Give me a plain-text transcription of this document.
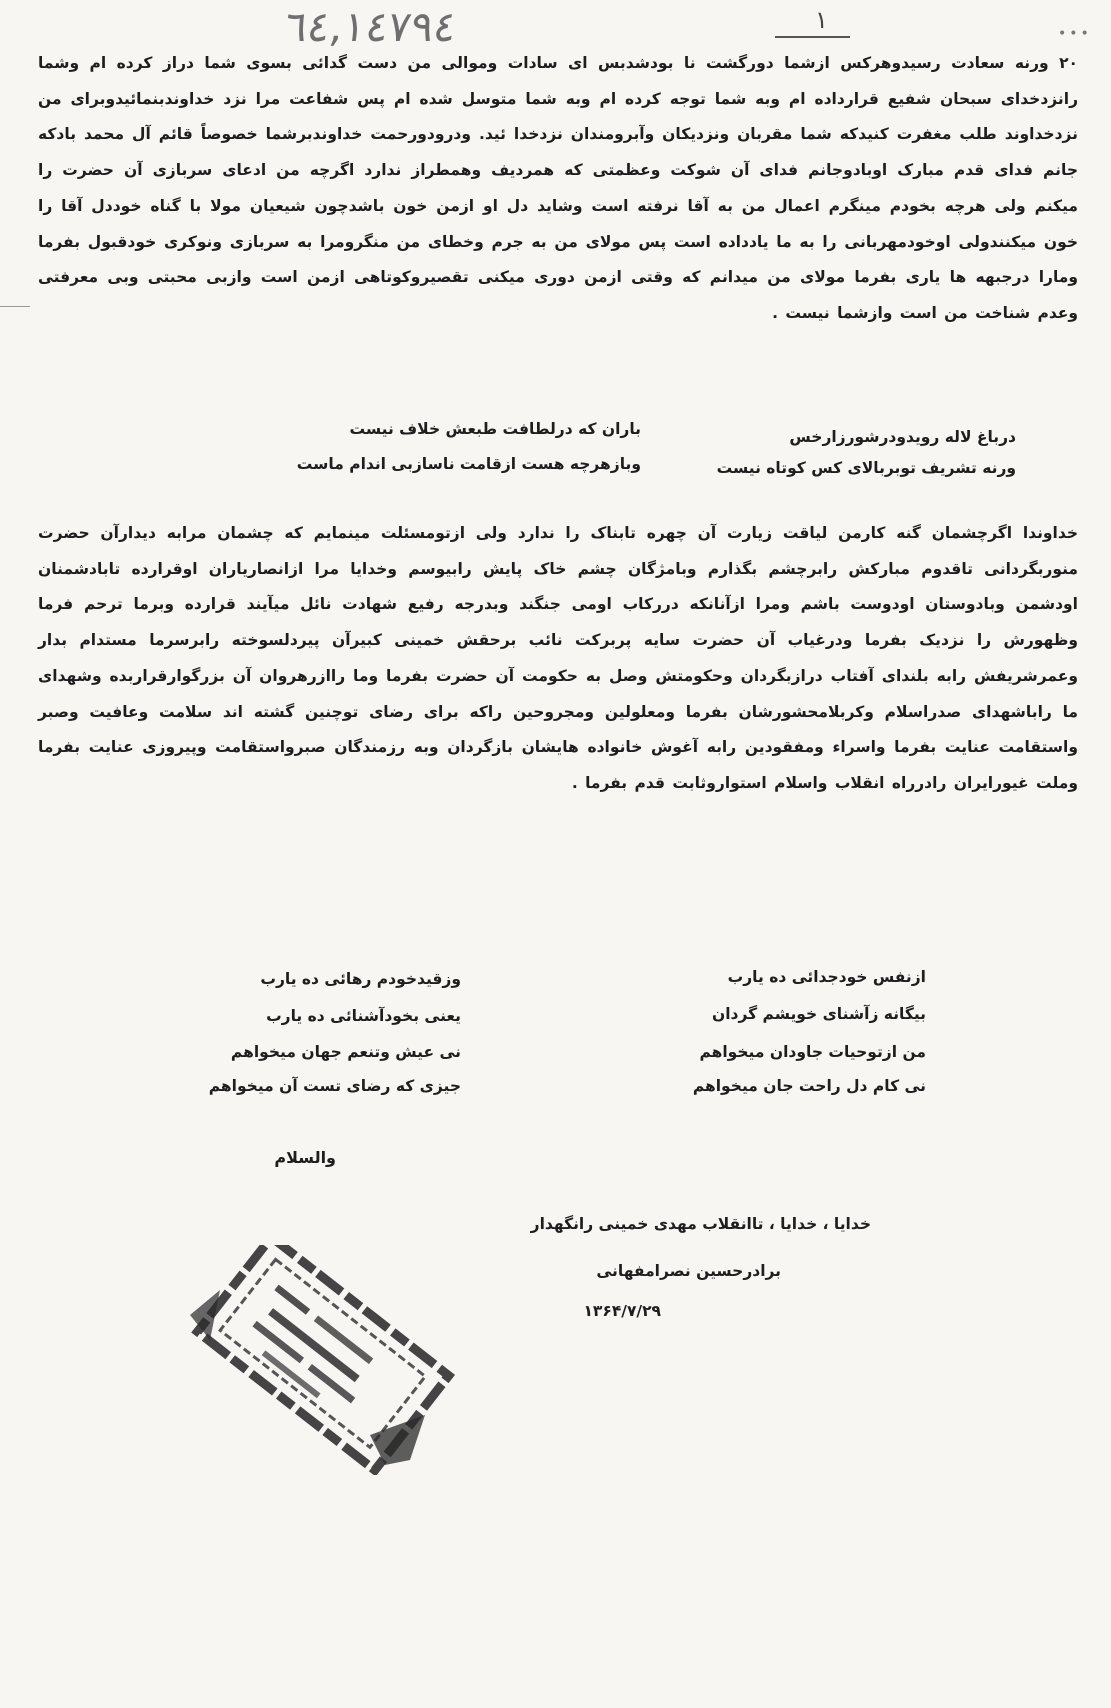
٦٤,١٤٧٩٤	١	•••
۲۰ ورنه سعادت رسیدوهرکس ازشما دورگشت نا بودشدبس ای سادات وموالی من دست گدائی بسوی شما دراز کرده ام وشما رانزدخدای سبحان شفیع قرارداده ام وبه شما توجه کرده ام وبه شما متوسل شده ام پس شفاعت مرا نزد خداوندبنمائیدوبرای من نزدخداوند طلب مغفرت کنیدکه شما مقربان ونزدیکان وآبرومندان نزدخدا ئید. ودرودورحمت خداوندبرشما خصوصاً قائم آل محمد بادکه جانم فدای قدم مبارک اوبادوجانم فدای آن شوکت وعظمتی که همردیف وهمطراز ندارد اگرچه من ادعای سربازی آن حضرت را میکنم ولی هرچه بخودم مینگرم اعمال من به آقا نرفته است وشاید دل او ازمن خون باشدچون شیعیان مولا با گناه خوددل آقا را خون میکنندولی اوخودمهربانی را به ما یادداده است پس مولای من به جرم وخطای من منگرومرا به سربازی ونوکری خودقبول بفرما ومارا درجبهه ها یاری بفرما مولای من میدانم که وقتی ازمن دوری میکنی تقصیروکوتاهی ازمن است وازبی محبتی وبی معرفتی وعدم شناخت من است وازشما نیست .
باران که درلطافت طبعش خلاف نیست	درباغ لاله رویدودرشورزارخس
وبازهرچه هست ازقامت ناسازبی اندام ماست	ورنه تشریف توبربالای کس کوتاه نیست
خداوندا اگرچشمان گنه کارمن لیاقت زیارت آن چهره تابناک را ندارد ولی ازتومسئلت مینمایم که چشمان مرابه دیدارآن حضرت منوربگردانی تاقدوم مبارکش رابرچشم بگذارم وبامژگان چشم خاک پایش رابیوسم وخدایا مرا ازانصاریاران اوقرارده تابادشمنان اودشمن وبادوستان اودوست باشم ومرا ازآنانکه دررکاب اومی جنگند وبدرجه رفیع شهادت نائل میآیند قرارده وبرما ترحم فرما وظهورش را نزدیک بفرما ودرغیاب آن حضرت سایه پربرکت نائب برحقش خمینی کبیرآن پیردلسوخته رابرسرما مستدام بدار وعمرشریفش رابه بلندای آفتاب درازبگردان وحکومتش وصل به حکومت آن حضرت بفرما وما راازرهروان آن بزرگوارقراربده وشهدای ما راباشهدای صدراسلام وکربلامحشورشان بفرما ومعلولین ومجروحین راکه برای رضای توچنین گشته اند سلامت وعافیت وصبر واستقامت عنایت بفرما واسراء ومفقودین رابه آغوش خانواده هایشان بازگردان وبه رزمندگان صبرواستقامت وپیروزی عنایت بفرما وملت غیورایران رادرراه انقلاب واسلام استواروثابت قدم بفرما .
ازنفس خودجدائی ده یارب
وزقیدخودم رهائی ده یارب
بیگانه زآشنای خویشم گردان
یعنی بخودآشنائی ده یارب
من ازتوحیات جاودان میخواهم
نی عیش وتنعم جهان میخواهم
نی کام دل راحت جان میخواهم
جیزی که رضای تست آن میخواهم
والسلام
خدایا ، خدایا ، تاانقلاب مهدی خمینی رانگهدار
برادرحسین نصرامفهانی
۱۳۶۴/۷/۲۹
